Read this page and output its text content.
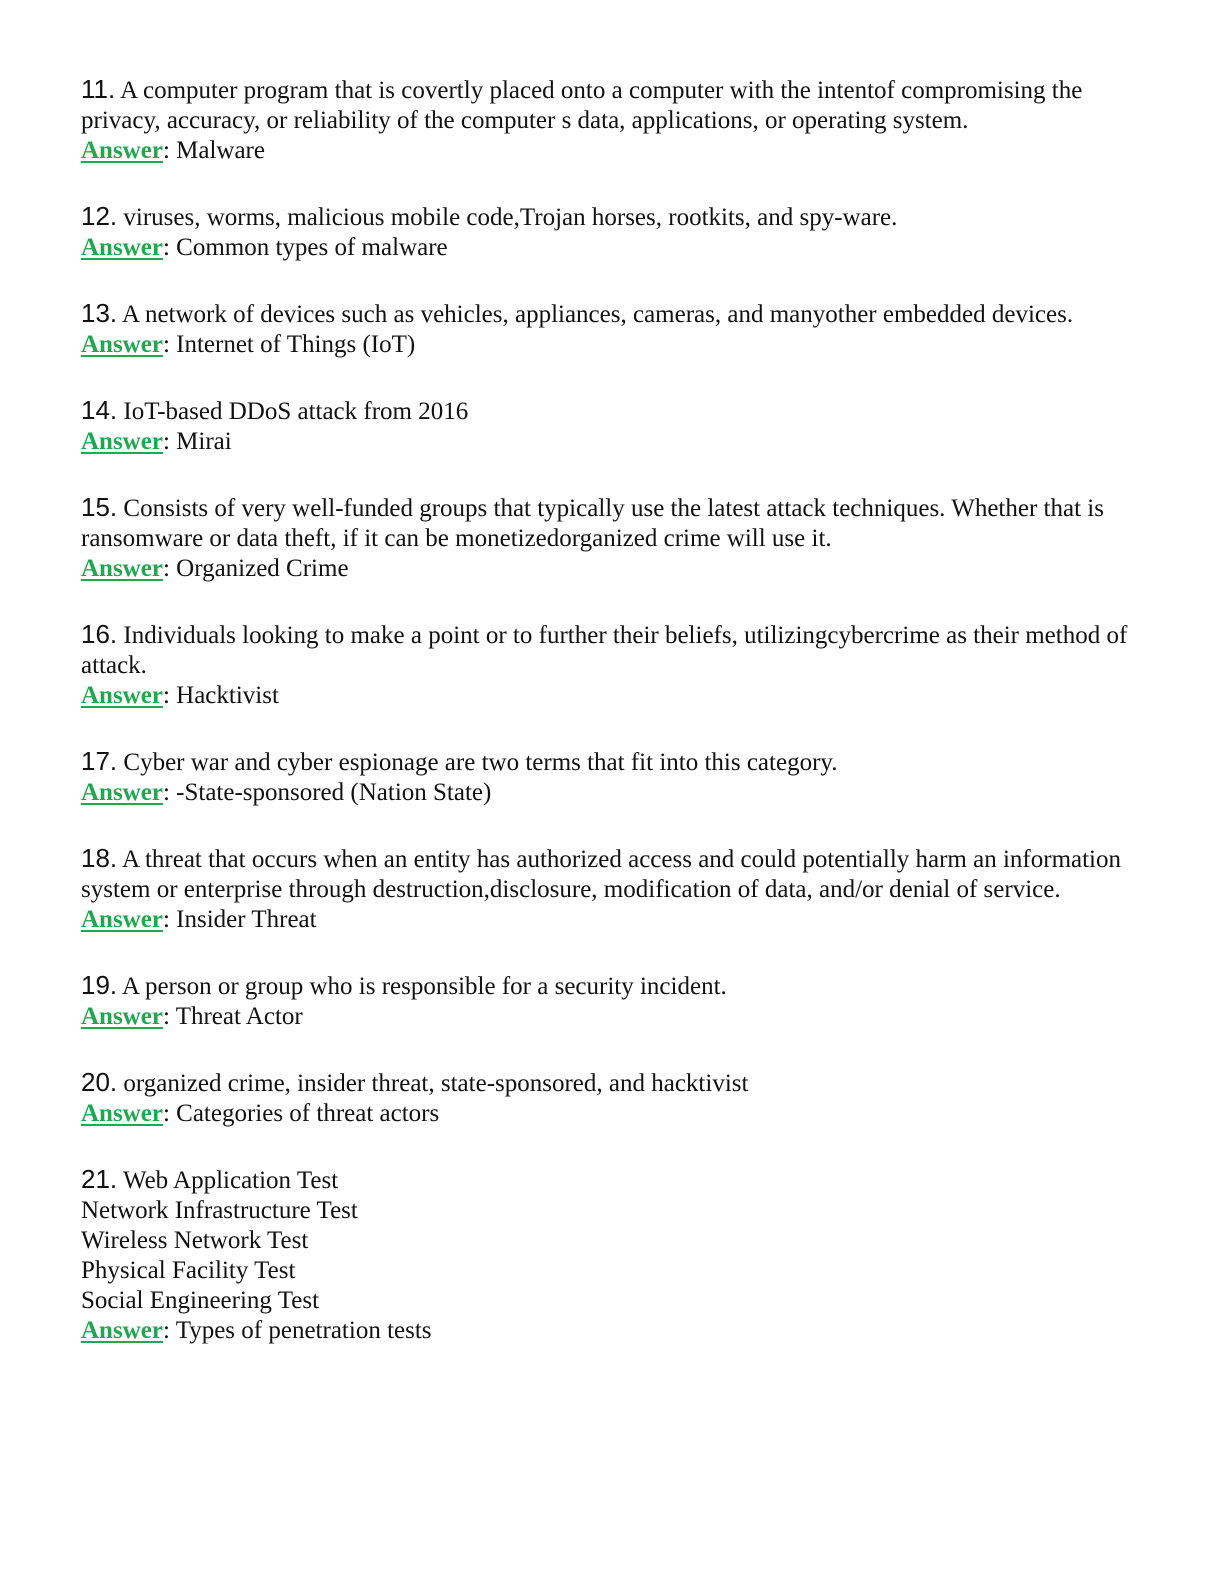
11. A computer program that is covertly placed onto a computer with the intentof compromising the privacy, accuracy, or reliability of the computer s data, applications, or operating system.
Answer: Malware
12. viruses, worms, malicious mobile code,Trojan horses, rootkits, and spy-ware.
Answer: Common types of malware
13. A network of devices such as vehicles, appliances, cameras, and manyother embedded devices.
Answer: Internet of Things (IoT)
14. IoT-based DDoS attack from 2016
Answer: Mirai
15. Consists of very well-funded groups that typically use the latest attack techniques. Whether that is ransomware or data theft, if it can be monetizedorganized crime will use it.
Answer: Organized Crime
16. Individuals looking to make a point or to further their beliefs, utilizingcybercrime as their method of attack.
Answer: Hacktivist
17. Cyber war and cyber espionage are two terms that fit into this category.
Answer: -State-sponsored (Nation State)
18. A threat that occurs when an entity has authorized access and could potentially harm an information system or enterprise through destruction,disclosure, modification of data, and/or denial of service.
Answer: Insider Threat
19. A person or group who is responsible for a security incident.
Answer: Threat Actor
20. organized crime, insider threat, state-sponsored, and hacktivist
Answer: Categories of threat actors
21. Web Application Test
Network Infrastructure Test
Wireless Network Test
Physical Facility Test
Social Engineering Test
Answer: Types of penetration tests
